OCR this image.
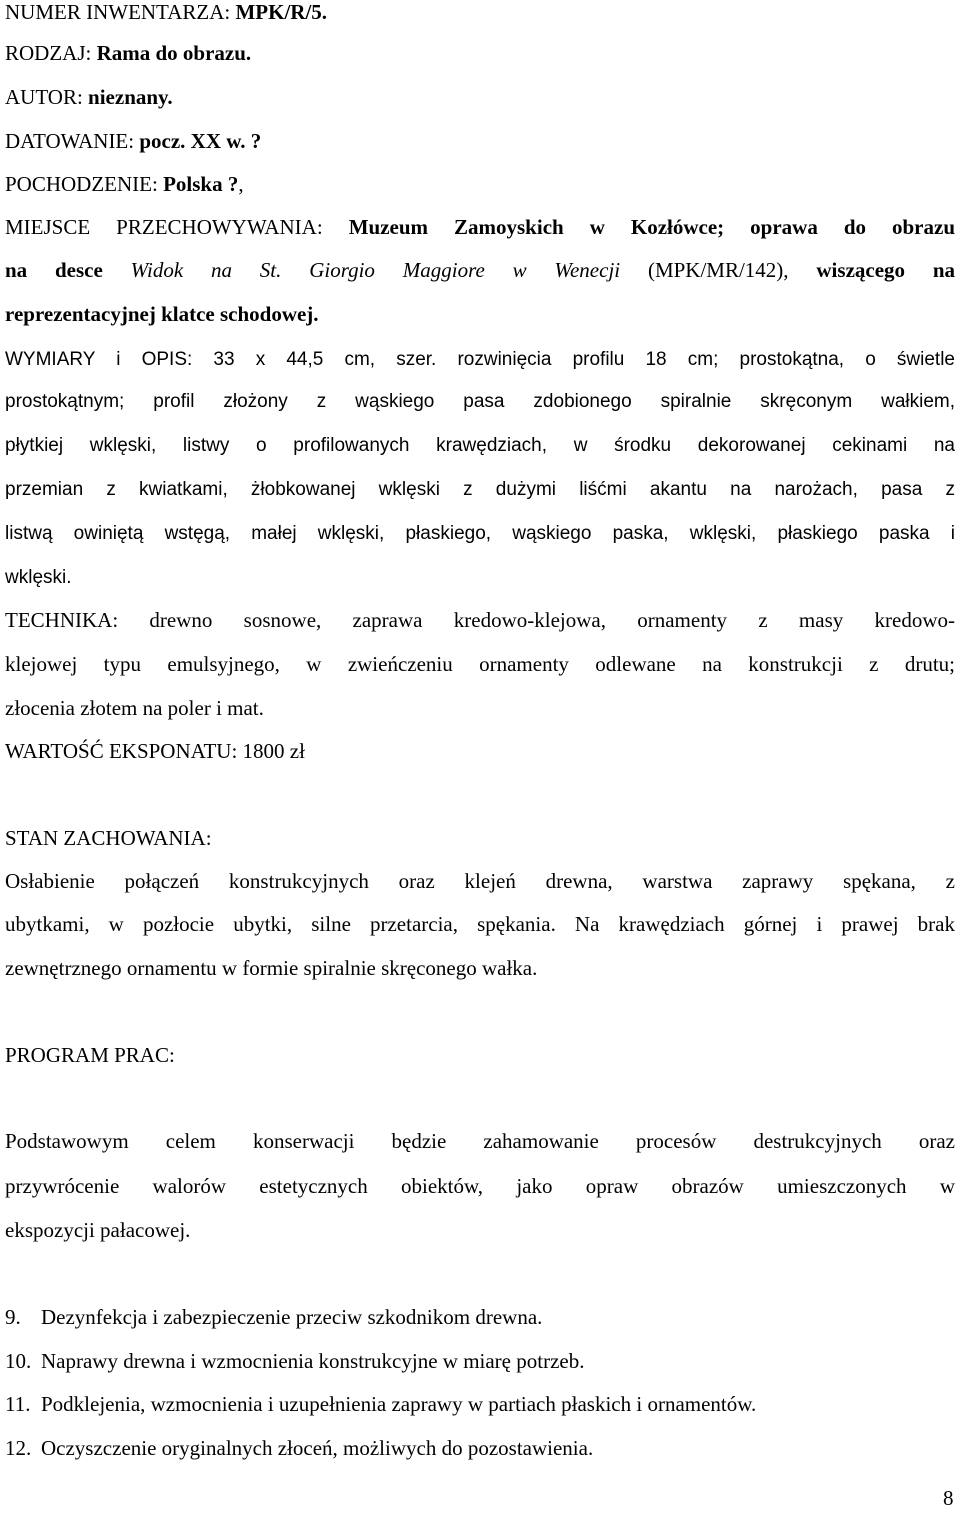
NUMER INWENTARZA: MPK/R/5.

RODZAJ: Rama do obrazu.

AUTOR: nieznany.

DATOWANIE: pocz. XX w. ?

POCHODZENIE: Polska ?,

MIEJSCE PRZECHOWYWANIA: Muzeum Zamoyskich w Kozłówce; oprawa do obrazu

na desce Widok na St. Giorgio Maggiore w Wenecji (MPK/MR/142), wiszącego na

reprezentacyjnej klatce schodowej.

WYMIARY i OPIS: 33 x 44,5 cm, szer. rozwinięcia profilu 18 cm; prostokątna, o świetle

prostokątnym; profil złożony z wąskiego pasa zdobionego spiralnie skręconym wałkiem,

płytkiej wklęski, listwy o profilowanych krawędziach, w środku dekorowanej cekinami na

przemian z kwiatkami, żłobkowanej wklęski z dużymi liśćmi akantu na narożach, pasa z

listwą owiniętą wstęgą, małej wklęski, płaskiego, wąskiego paska, wklęski, płaskiego paska i

wklęski.

TECHNIKA: drewno sosnowe, zaprawa kredowo-klejowa, ornamenty z masy kredowo-

klejowej typu emulsyjnego, w zwieńczeniu ornamenty odlewane na konstrukcji z drutu;

złocenia złotem na poler i mat.

WARTOŚĆ EKSPONATU: 1800 zł

STAN ZACHOWANIA:

Osłabienie połączeń konstrukcyjnych oraz klejeń drewna, warstwa zaprawy spękana, z

ubytkami, w pozłocie ubytki, silne przetarcia, spękania. Na krawędziach górnej i prawej brak

zewnętrznego ornamentu w formie spiralnie skręconego wałka.

PROGRAM PRAC:

Podstawowym celem konserwacji będzie zahamowanie procesów destrukcyjnych oraz

przywrócenie walorów estetycznych obiektów, jako opraw obrazów umieszczonych w

ekspozycji pałacowej.

9. Dezynfekcja i zabezpieczenie przeciw szkodnikom drewna.

10. Naprawy drewna i wzmocnienia konstrukcyjne w miarę potrzeb.

11. Podklejenia, wzmocnienia i uzupełnienia zaprawy w partiach płaskich i ornamentów.

12. Oczyszczenie oryginalnych złoceń, możliwych do pozostawienia.

8
